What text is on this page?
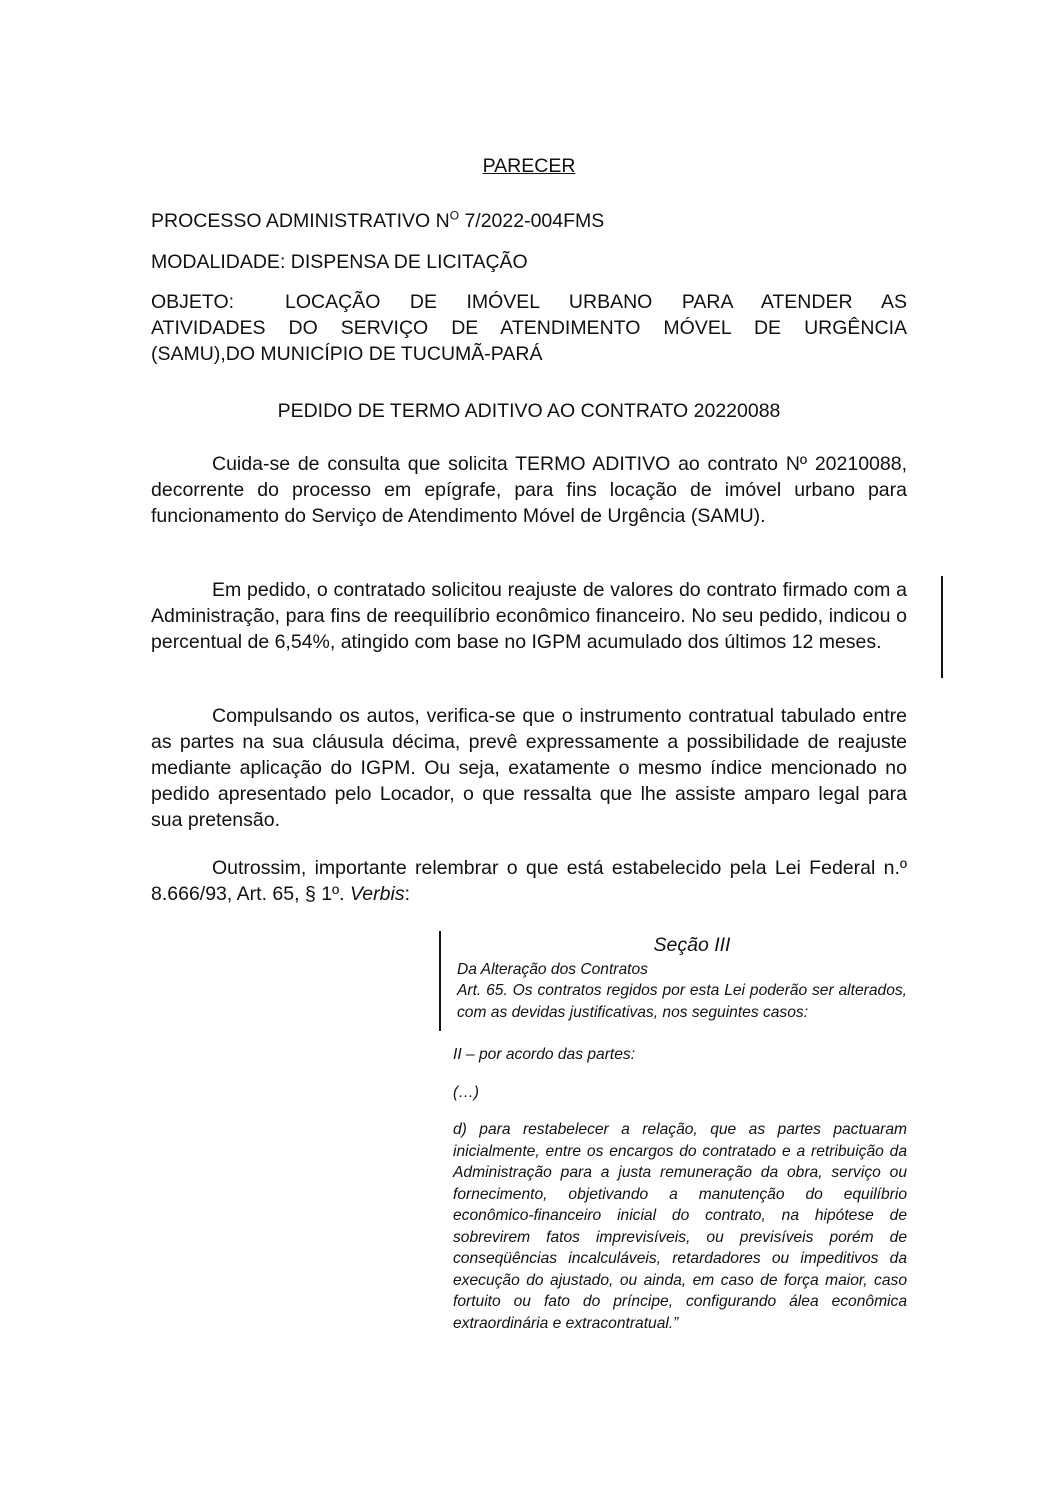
PARECER

PROCESSO ADMINISTRATIVO $N^O$ 7/2022-004FMS

MODALIDADE: DISPENSA DE LICITAÇÃO

OBJETO:	LOCAÇÃO DE IMÓVEL URBANO PARA ATENDER AS
ATIVIDADES DO SERVIÇO DE ATENDIMENTO MÓVEL DE URGÊNCIA
(SAMU),DO MUNICÍPIO DE TUCUMÃ-PARÁ

PEDIDO DE TERMO ADITIVO AO CONTRATO 20220088

Cuida-se de consulta que solicita TERMO ADITIVO ao contrato Nº 20210088, decorrente do processo em epígrafe, para fins locação de imóvel urbano para funcionamento do Serviço de Atendimento Móvel de Urgência (SAMU).

Em pedido, o contratado solicitou reajuste de valores do contrato firmado com a Administração, para fins de reequilíbrio econômico financeiro. No seu pedido, indicou o percentual de 6,54%, atingido com base no IGPM acumulado dos últimos 12 meses.

Compulsando os autos, verifica-se que o instrumento contratual tabulado entre as partes na sua cláusula décima, prevê expressamente a possibilidade de reajuste mediante aplicação do IGPM. Ou seja, exatamente o mesmo índice mencionado no pedido apresentado pelo Locador, o que ressalta que lhe assiste amparo legal para sua pretensão.

Outrossim, importante relembrar o que está estabelecido pela Lei Federal n.º 8.666/93, Art. 65, § 1º. Verbis:

Seção III

Da Alteração dos Contratos

Art. 65. Os contratos regidos por esta Lei poderão ser alterados, com as devidas justificativas, nos seguintes casos:

II – por acordo das partes:

(…)

d) para restabelecer a relação, que as partes pactuaram inicialmente, entre os encargos do contratado e a retribuição da Administração para a justa remuneração da obra, serviço ou fornecimento, objetivando a manutenção do equilíbrio econômico-financeiro inicial do contrato, na hipótese de sobrevirem fatos imprevisíveis, ou previsíveis porém de conseqüências incalculáveis, retardadores ou impeditivos da execução do ajustado, ou ainda, em caso de força maior, caso fortuito ou fato do príncipe, configurando álea econômica extraordinária e extracontratual.”
